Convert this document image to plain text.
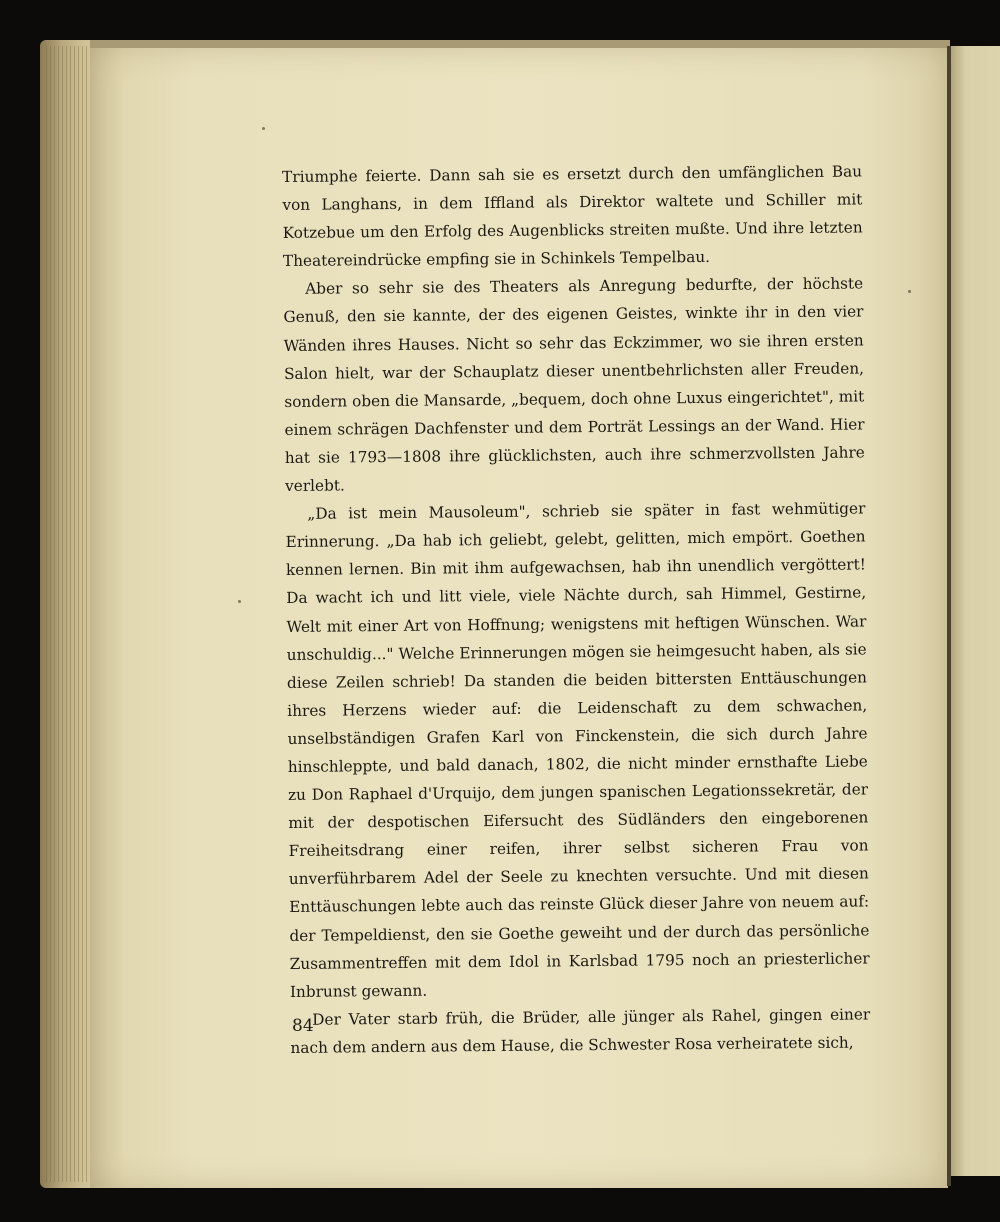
Triumphe feierte. Dann sah sie es ersetzt durch den umfänglichen Bau von Langhans, in dem Iffland als Direktor waltete und Schiller mit Kotzebue um den Erfolg des Augenblicks streiten mußte. Und ihre letzten Theatereindrücke empfing sie in Schinkels Tempelbau.

Aber so sehr sie des Theaters als Anregung bedurfte, der höchste Genuß, den sie kannte, der des eigenen Geistes, winkte ihr in den vier Wänden ihres Hauses. Nicht so sehr das Eckzimmer, wo sie ihren ersten Salon hielt, war der Schauplatz dieser unentbehrlichsten aller Freuden, sondern oben die Mansarde, „bequem, doch ohne Luxus eingerichtet", mit einem schrägen Dachfenster und dem Porträt Lessings an der Wand. Hier hat sie 1793—1808 ihre glücklichsten, auch ihre schmerzvollsten Jahre verlebt.

„Da ist mein Mausoleum", schrieb sie später in fast wehmütiger Erinnerung. „Da hab ich geliebt, gelebt, gelitten, mich empört. Goethen kennen lernen. Bin mit ihm aufgewachsen, hab ihn unendlich vergöttert! Da wacht ich und litt viele, viele Nächte durch, sah Himmel, Gestirne, Welt mit einer Art von Hoffnung; wenigstens mit heftigen Wünschen. War unschuldig..." Welche Erinnerungen mögen sie heimgesucht haben, als sie diese Zeilen schrieb! Da standen die beiden bittersten Enttäuschungen ihres Herzens wieder auf: die Leidenschaft zu dem schwachen, unselbständigen Grafen Karl von Finckenstein, die sich durch Jahre hinschleppte, und bald danach, 1802, die nicht minder ernsthafte Liebe zu Don Raphael d'Urquijo, dem jungen spanischen Legationssekretär, der mit der despotischen Eifersucht des Südländers den eingeborenen Freiheitsdrang einer reifen, ihrer selbst sicheren Frau von unverführbarem Adel der Seele zu knechten versuchte. Und mit diesen Enttäuschungen lebte auch das reinste Glück dieser Jahre von neuem auf: der Tempeldienst, den sie Goethe geweiht und der durch das persönliche Zusammentreffen mit dem Idol in Karlsbad 1795 noch an priesterlicher Inbrunst gewann.

Der Vater starb früh, die Brüder, alle jünger als Rahel, gingen einer nach dem andern aus dem Hause, die Schwester Rosa verheiratete sich,

84
